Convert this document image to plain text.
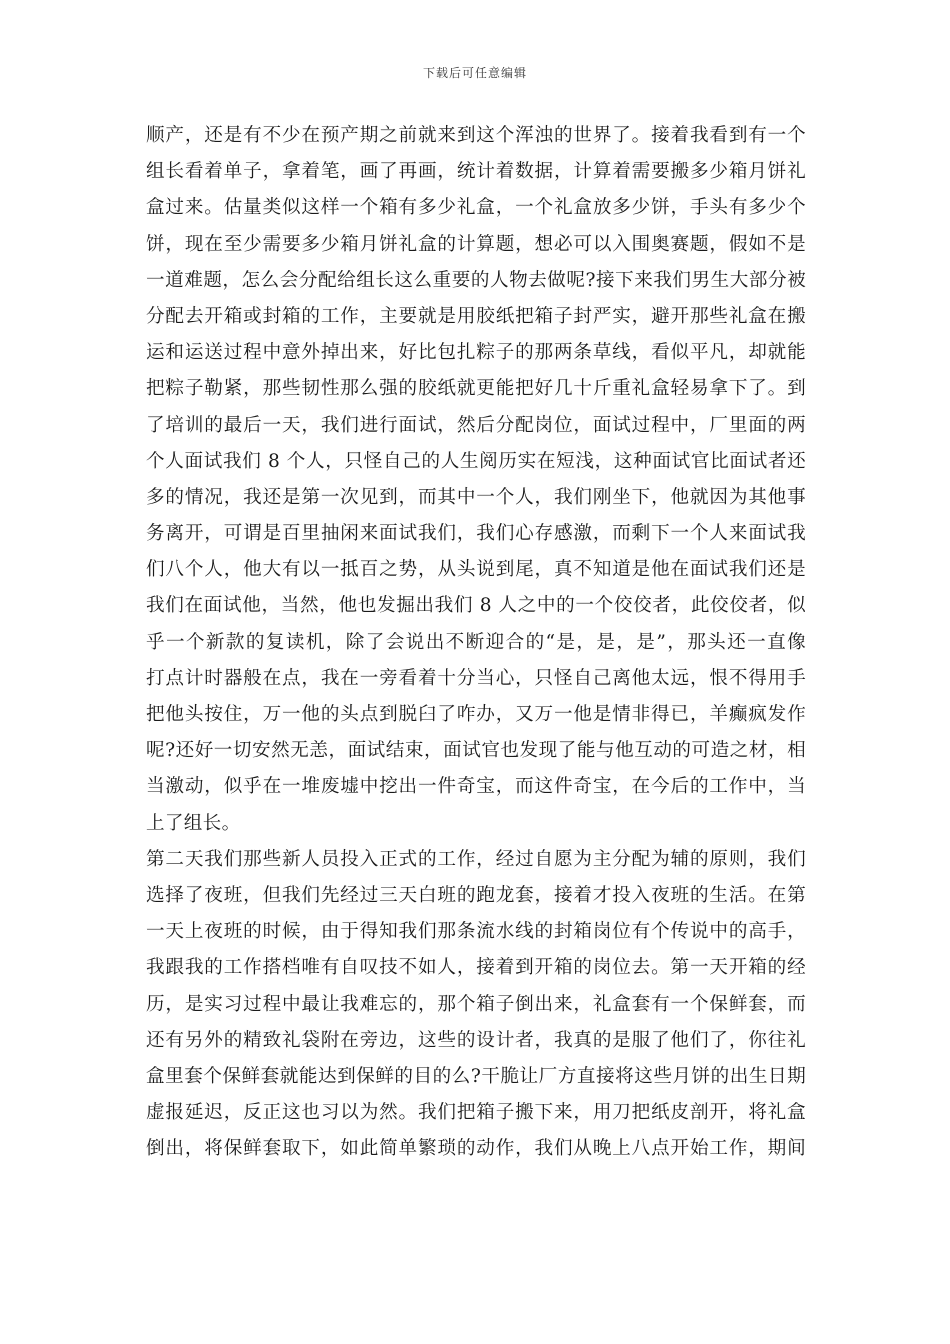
下载后可任意编辑
顺产，还是有不少在预产期之前就来到这个浑浊的世界了。接着我看到有一个
组长看着单子，拿着笔，画了再画，统计着数据，计算着需要搬多少箱月饼礼
盒过来。估量类似这样一个箱有多少礼盒，一个礼盒放多少饼，手头有多少个
饼，现在至少需要多少箱月饼礼盒的计算题，想必可以入围奥赛题，假如不是
一道难题，怎么会分配给组长这么重要的人物去做呢?接下来我们男生大部分被
分配去开箱或封箱的工作，主要就是用胶纸把箱子封严实，避开那些礼盒在搬
运和运送过程中意外掉出来，好比包扎粽子的那两条草线，看似平凡，却就能
把粽子勒紧，那些韧性那么强的胶纸就更能把好几十斤重礼盒轻易拿下了。到
了培训的最后一天，我们进行面试，然后分配岗位，面试过程中，厂里面的两
个人面试我们 8 个人，只怪自己的人生阅历实在短浅，这种面试官比面试者还
多的情况，我还是第一次见到，而其中一个人，我们刚坐下，他就因为其他事
务离开，可谓是百里抽闲来面试我们，我们心存感激，而剩下一个人来面试我
们八个人，他大有以一抵百之势，从头说到尾，真不知道是他在面试我们还是
我们在面试他，当然，他也发掘出我们 8 人之中的一个佼佼者，此佼佼者，似
乎一个新款的复读机，除了会说出不断迎合的“是，是，是”，那头还一直像
打点计时器般在点，我在一旁看着十分当心，只怪自己离他太远，恨不得用手
把他头按住，万一他的头点到脱臼了咋办，又万一他是情非得已，羊癫疯发作
呢?还好一切安然无恙，面试结束，面试官也发现了能与他互动的可造之材，相
当激动，似乎在一堆废墟中挖出一件奇宝，而这件奇宝，在今后的工作中，当
上了组长。
第二天我们那些新人员投入正式的工作，经过自愿为主分配为辅的原则，我们
选择了夜班，但我们先经过三天白班的跑龙套，接着才投入夜班的生活。在第
一天上夜班的时候，由于得知我们那条流水线的封箱岗位有个传说中的高手，
我跟我的工作搭档唯有自叹技不如人，接着到开箱的岗位去。第一天开箱的经
历，是实习过程中最让我难忘的，那个箱子倒出来，礼盒套有一个保鲜套，而
还有另外的精致礼袋附在旁边，这些的设计者，我真的是服了他们了，你往礼
盒里套个保鲜套就能达到保鲜的目的么?干脆让厂方直接将这些月饼的出生日期
虚报延迟，反正这也习以为然。我们把箱子搬下来，用刀把纸皮剖开，将礼盒
倒出，将保鲜套取下，如此简单繁琐的动作，我们从晚上八点开始工作，期间
